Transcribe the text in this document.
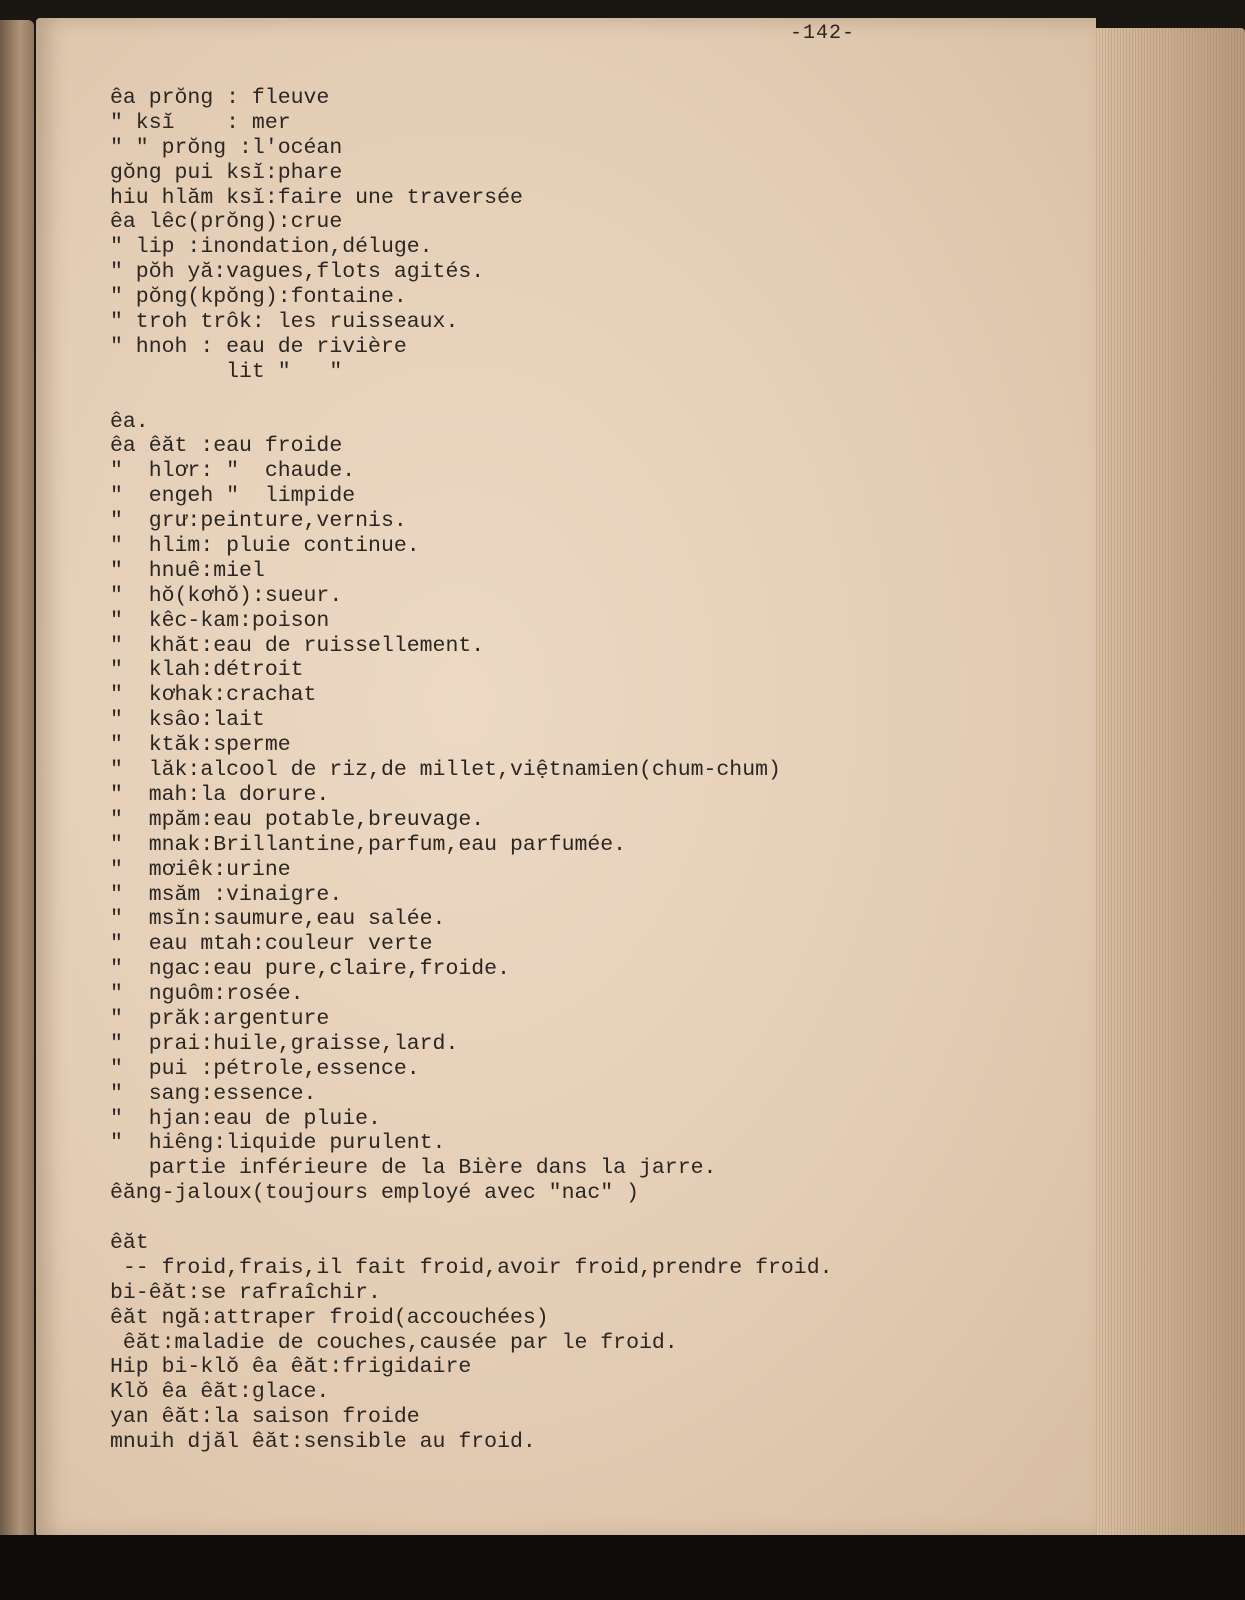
-142-
êa prŏng : fleuve
" ksĭ    : mer
" " prŏng :l'océan
gŏng pui ksĭ:phare
hiu hlăm ksĭ:faire une traversée
êa lêc(prŏng):crue
" lip :inondation,déluge.
" pŏh yă:vagues,flots agités.
" pŏng(kpŏng):fontaine.
" troh trôk: les ruisseaux.
" hnoh : eau de rivière
lit "   "
êa.
êa êăt :eau froide
"  hlơr: "  chaude.
"  engeh "  limpide
"  grư:peinture,vernis.
"  hlim: pluie continue.
"  hnuê:miel
"  hŏ(kơhŏ):sueur.
"  kêc-kam:poison
"  khăt:eau de ruissellement.
"  klah:détroit
"  kơhak:crachat
"  ksâo:lait
"  ktăk:sperme
"  lăk:alcool de riz,de millet,việtnamien(chum-chum)
"  mah:la dorure.
"  mpăm:eau potable,breuvage.
"  mnak:Brillantine,parfum,eau parfumée.
"  mơiêk:urine
"  msăm :vinaigre.
"  msĭn:saumure,eau salée.
"  eau mtah:couleur verte
"  ngac:eau pure,claire,froide.
"  nguôm:rosée.
"  prăk:argenture
"  prai:huile,graisse,lard.
"  pui :pétrole,essence.
"  sang:essence.
"  hjan:eau de pluie.
"  hiêng:liquide purulent.
partie inférieure de la Bière dans la jarre.
êăng-jaloux(toujours employé avec "nac" )
êăt
-- froid,frais,il fait froid,avoir froid,prendre froid.
bi-êăt:se rafraîchir.
êăt ngă:attraper froid(accouchées)
êăt:maladie de couches,causée par le froid.
Hip bi-klŏ êa êăt:frigidaire
Klŏ êa êăt:glace.
yan êăt:la saison froide
mnuih djăl êăt:sensible au froid.
